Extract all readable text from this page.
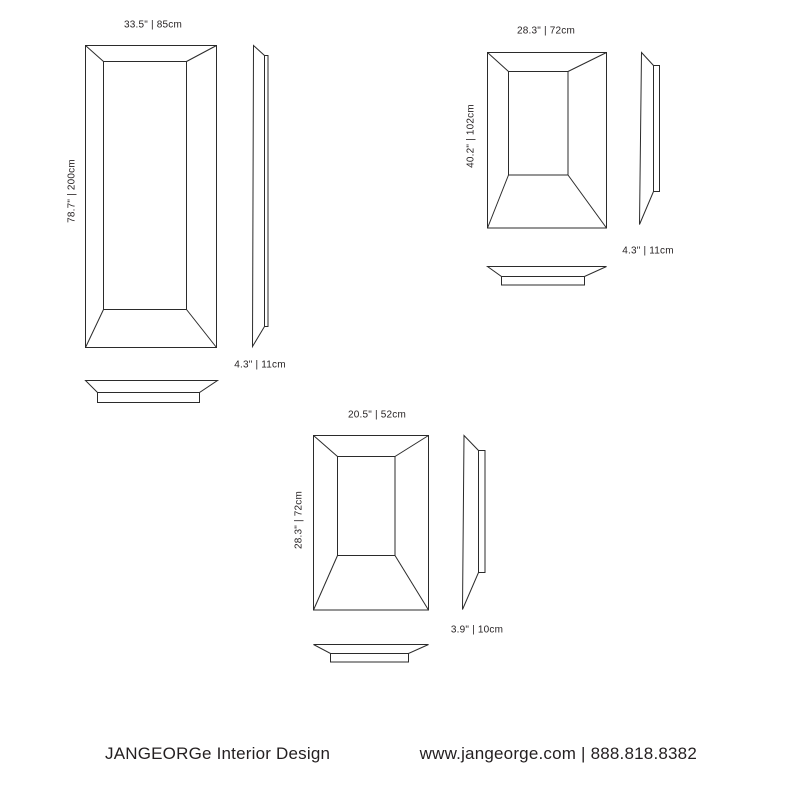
33.5" | 85cm
78.7" | 200cm
4.3" | 11cm
28.3" | 72cm
40.2" | 102cm
4.3" | 11cm
20.5" | 52cm
28.3" | 72cm
3.9" | 10cm
JANGEORGe Interior Design	www.jangeorge.com | 888.818.8382
